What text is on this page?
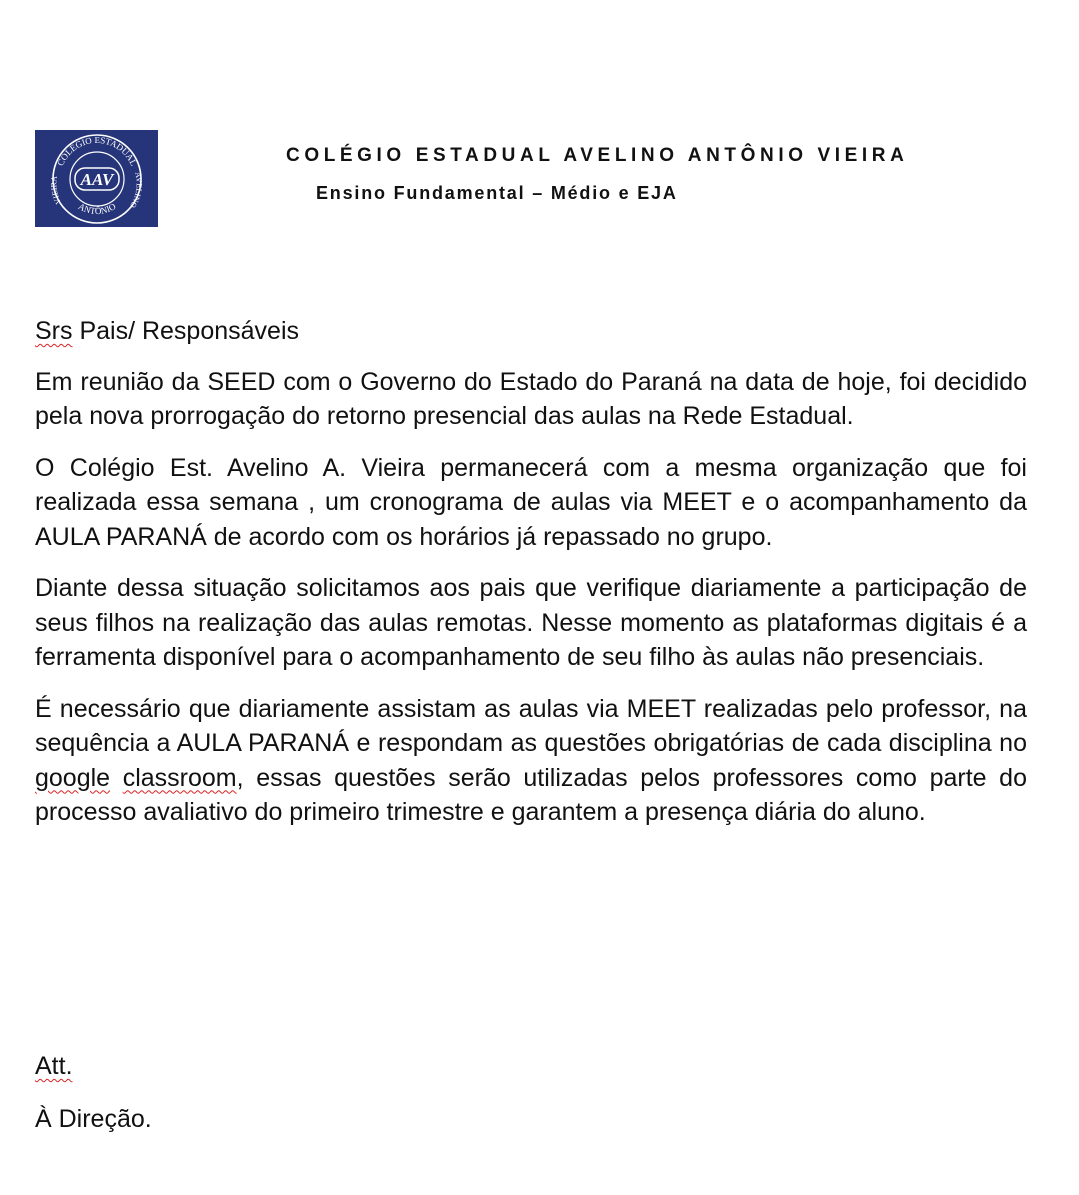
COLÉGIO ESTADUAL
ANTÔNIO
VIEIRA
AVELINO
AAV
COLÉGIO ESTADUAL AVELINO ANTÔNIO VIEIRA
Ensino Fundamental – Médio e EJA

Srs Pais/ Responsáveis

Em reunião da SEED com o Governo do Estado do Paraná na data de hoje, foi decidido pela nova prorrogação do retorno presencial das aulas na Rede Estadual.

O Colégio Est. Avelino A. Vieira permanecerá com a mesma organização que foi realizada essa semana , um cronograma de aulas via MEET e o acompanhamento da AULA PARANÁ de acordo com os horários já repassado no grupo.

Diante dessa situação solicitamos aos pais que verifique diariamente a participação de seus filhos na realização das aulas remotas. Nesse momento as plataformas digitais é a ferramenta disponível para o acompanhamento de seu filho às aulas não presenciais.

É necessário que diariamente assistam as aulas via MEET realizadas pelo professor, na sequência a AULA PARANÁ e respondam as questões obrigatórias de cada disciplina no google classroom, essas questões serão utilizadas pelos professores como parte do processo avaliativo do primeiro trimestre e garantem a presença diária do aluno.

Att.

À Direção.
